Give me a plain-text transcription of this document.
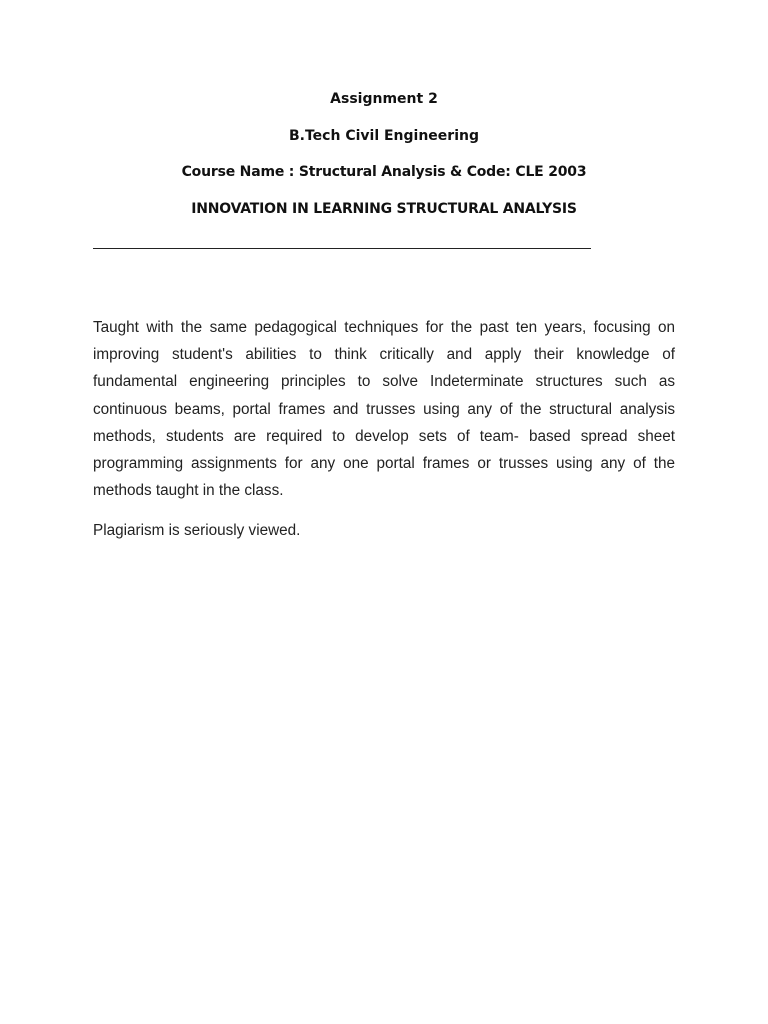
Assignment 2
B.Tech Civil Engineering
Course Name : Structural Analysis & Code: CLE 2003
INNOVATION IN LEARNING STRUCTURAL ANALYSIS

Taught with the same pedagogical techniques for the past ten years, focusing on improving student's abilities to think critically and apply their knowledge of fundamental engineering principles to solve Indeterminate structures such as continuous beams, portal frames and trusses using any of the structural analysis methods, students are required to develop sets of team- based spread sheet programming assignments for any one portal frames or trusses using any of the methods taught in the class.

Plagiarism is seriously viewed.
